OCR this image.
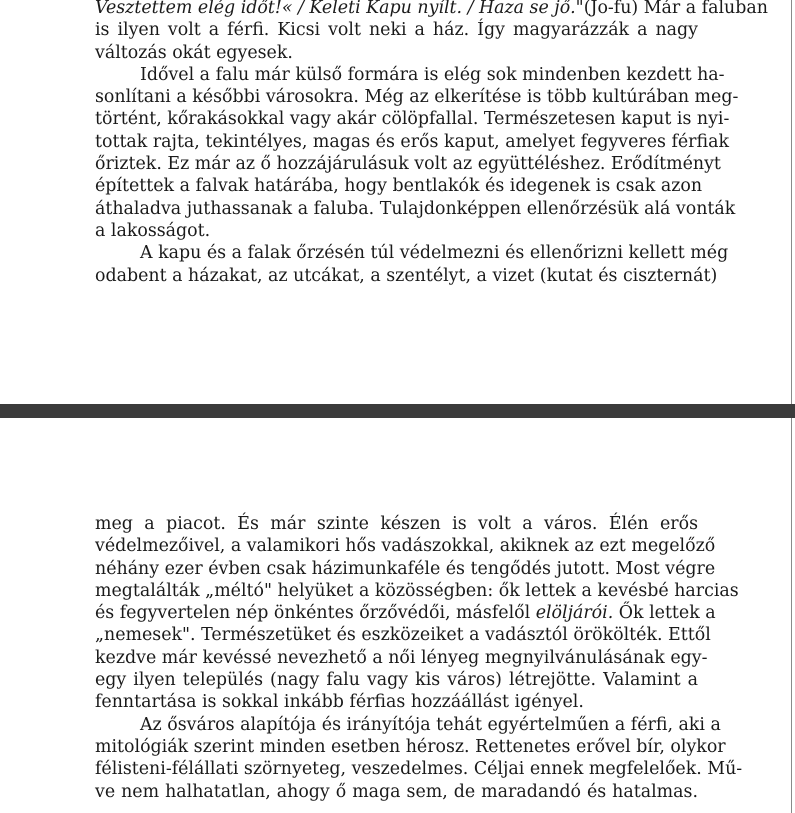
Vesztettem elég időt!« / Keleti Kapu nyílt. / Haza se jő."(Jo-fu) Már a faluban
is ilyen volt a férfi. Kicsi volt neki a ház. Így magyarázzák a nagy
változás okát egyesek.
Idővel a falu már külső formára is elég sok mindenben kezdett ha-
sonlítani a későbbi városokra. Még az elkerítése is több kultúrában meg-
történt, kőrakásokkal vagy akár cölöpfallal. Természetesen kaput is nyi-
tottak rajta, tekintélyes, magas és erős kaput, amelyet fegyveres férfiak
őriztek. Ez már az ő hozzájárulásuk volt az együttéléshez. Erődítményt
építettek a falvak határába, hogy bentlakók és idegenek is csak azon
áthaladva juthassanak a faluba. Tulajdonképpen ellenőrzésük alá vonták
a lakosságot.
A kapu és a falak őrzésén túl védelmezni és ellenőrizni kellett még
odabent a házakat, az utcákat, a szentélyt, a vizet (kutat és ciszternát)
meg a piacot. És már szinte készen is volt a város. Élén erős
védelmezőivel, a valamikori hős vadászokkal, akiknek az ezt megelőző
néhány ezer évben csak házimunkaféle és tengődés jutott. Most végre
megtalálták „méltó" helyüket a közösségben: ők lettek a kevésbé harcias
és fegyvertelen nép önkéntes őrzővédői, másfelől elöljárói. Ők lettek a
„nemesek". Természetüket és eszközeiket a vadásztól örökölték. Ettől
kezdve már kevéssé nevezhető a női lényeg megnyilvánulásának egy-
egy ilyen település (nagy falu vagy kis város) létrejötte. Valamint a
fenntartása is sokkal inkább férfias hozzáállást igényel.
Az ősváros alapítója és irányítója tehát egyértelműen a férfi, aki a
mitológiák szerint minden esetben hérosz. Rettenetes erővel bír, olykor
félisteni-félállati szörnyeteg, veszedelmes. Céljai ennek megfelelőek. Mű-
ve nem halhatatlan, ahogy ő maga sem, de maradandó és hatalmas.
